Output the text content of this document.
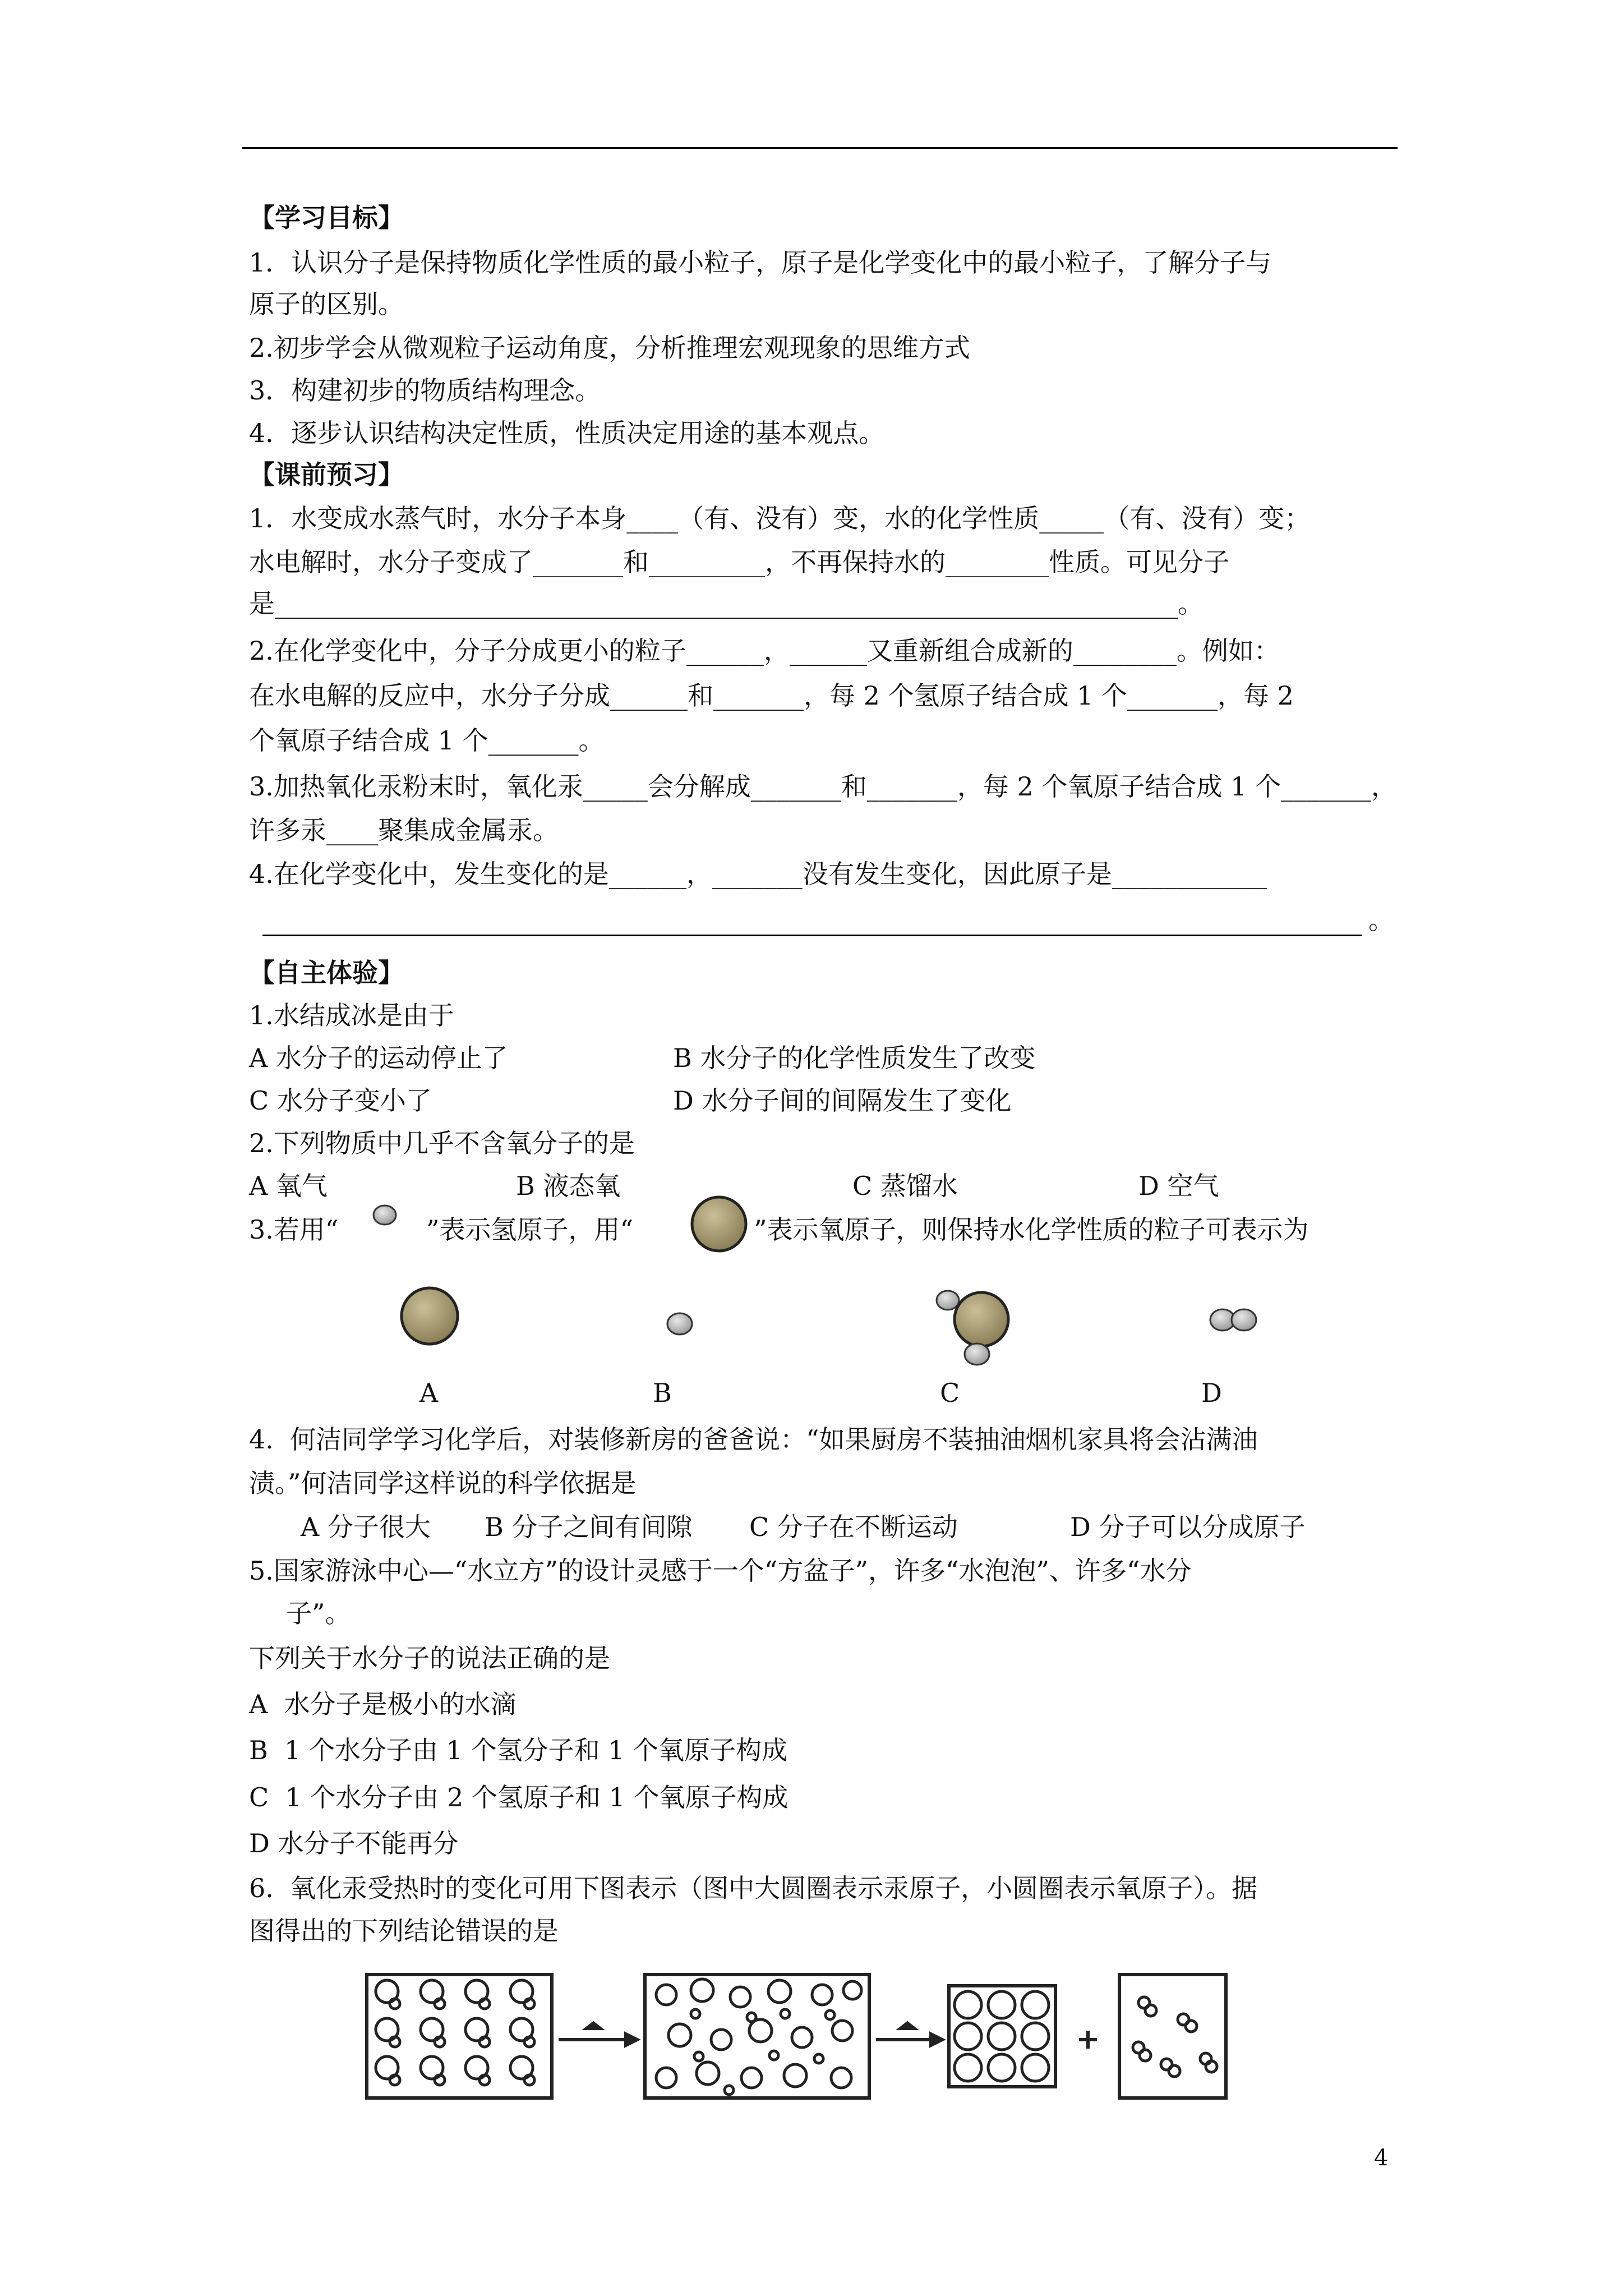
【学习目标】
1．认识分子是保持物质化学性质的最小粒子，原子是化学变化中的最小粒子，了解分子与
原子的区别。
2.初步学会从微观粒子运动角度，分析推理宏观现象的思维方式
3．构建初步的物质结构理念。
4．逐步认识结构决定性质，性质决定用途的基本观点。
【课前预习】
1．水变成水蒸气时，水分子本身____（有、没有）变，水的化学性质_____（有、没有）变；
水电解时，水分子变成了_______和_________，不再保持水的________性质。可见分子
是______________________________________________________________________。
2.在化学变化中，分子分成更小的粒子______，______又重新组合成新的________。例如：
在水电解的反应中，水分子分成______和_______，每 2 个氢原子结合成 1 个_______，每 2
个氧原子结合成 1 个_______。
3.加热氧化汞粉末时，氧化汞_____会分解成_______和_______，每 2 个氧原子结合成 1 个_______，
许多汞____聚集成金属汞。
4.在化学变化中，发生变化的是______，_______没有发生变化，因此原子是____________
。
【自主体验】
1.水结成冰是由于
A 水分子的运动停止了	B 水分子的化学性质发生了改变
C 水分子变小了	D 水分子间的间隔发生了变化
2.下列物质中几乎不含氧分子的是
A 氧气	B 液态氧	C 蒸馏水	D 空气
3.若用“	”表示氢原子，用“	”表示氧原子，则保持水化学性质的粒子可表示为
A	B	C	D
4.  何洁同学学习化学后，对装修新房的爸爸说：“如果厨房不装抽油烟机家具将会沾满油
渍。”何洁同学这样说的科学依据是
A 分子很大 B 分子之间有间隙 C 分子在不断运动	D 分子可以分成原子
5.国家游泳中心—“水立方”的设计灵感于一个“方盆子”，许多“水泡泡”、许多“水分
子”。
下列关于水分子的说法正确的是
A  水分子是极小的水滴
B  1 个水分子由 1 个氢分子和 1 个氧原子构成
C  1 个水分子由 2 个氢原子和 1 个氧原子构成
D 水分子不能再分
6.  氧化汞受热时的变化可用下图表示（图中大圆圈表示汞原子，小圆圈表示氧原子）。据
图得出的下列结论错误的是
4
